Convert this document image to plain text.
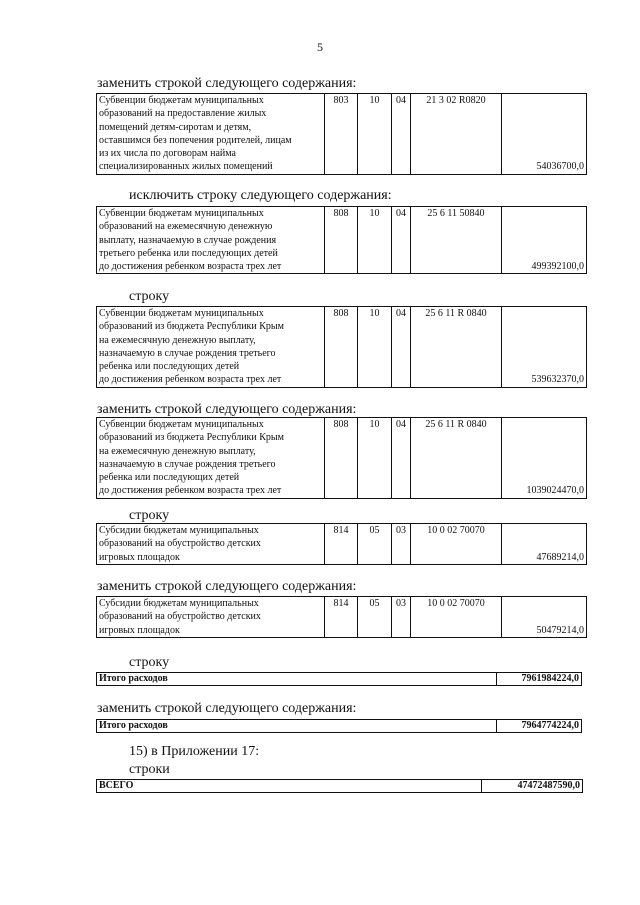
5
заменить строкой следующего содержания:
Субвенции бюджетам муниципальных
образований на предоставление жилых
помещений детям-сиротам и детям,
оставшимся без попечения родителей, лицам
из их числа по договорам найма
специализированных жилых помещений
	803	10	04	21 3 02 R0820	54036700,0
исключить строку следующего содержания:
Субвенции бюджетам муниципальных
образований на ежемесячную денежную
выплату, назначаемую в случае рождения
третьего ребенка или последующих детей
до достижения ребенком возраста трех лет
	808	10	04	25 6 11 50840	499392100,0
строку
Субвенции бюджетам муниципальных
образований из бюджета Республики Крым
на ежемесячную денежную выплату,
назначаемую в случае рождения третьего
ребенка или последующих детей
до достижения ребенком возраста трех лет
	808	10	04	25 6 11 R 0840	539632370,0
заменить строкой следующего содержания:
Субвенции бюджетам муниципальных
образований из бюджета Республики Крым
на ежемесячную денежную выплату,
назначаемую в случае рождения третьего
ребенка или последующих детей
до достижения ребенком возраста трех лет
	808	10	04	25 6 11 R 0840	1039024470,0
строку
Субсидии бюджетам муниципальных
образований на обустройство детских
игровых площадок
	814	05	03	10 0 02 70070	47689214,0
заменить строкой следующего содержания:
Субсидии бюджетам муниципальных
образований на обустройство детских
игровых площадок
	814	05	03	10 0 02 70070	50479214,0
строку
Итого расходов	7961984224,0
заменить строкой следующего содержания:
Итого расходов	7964774224,0
15) в Приложении 17:
строки
ВСЕГО	47472487590,0
